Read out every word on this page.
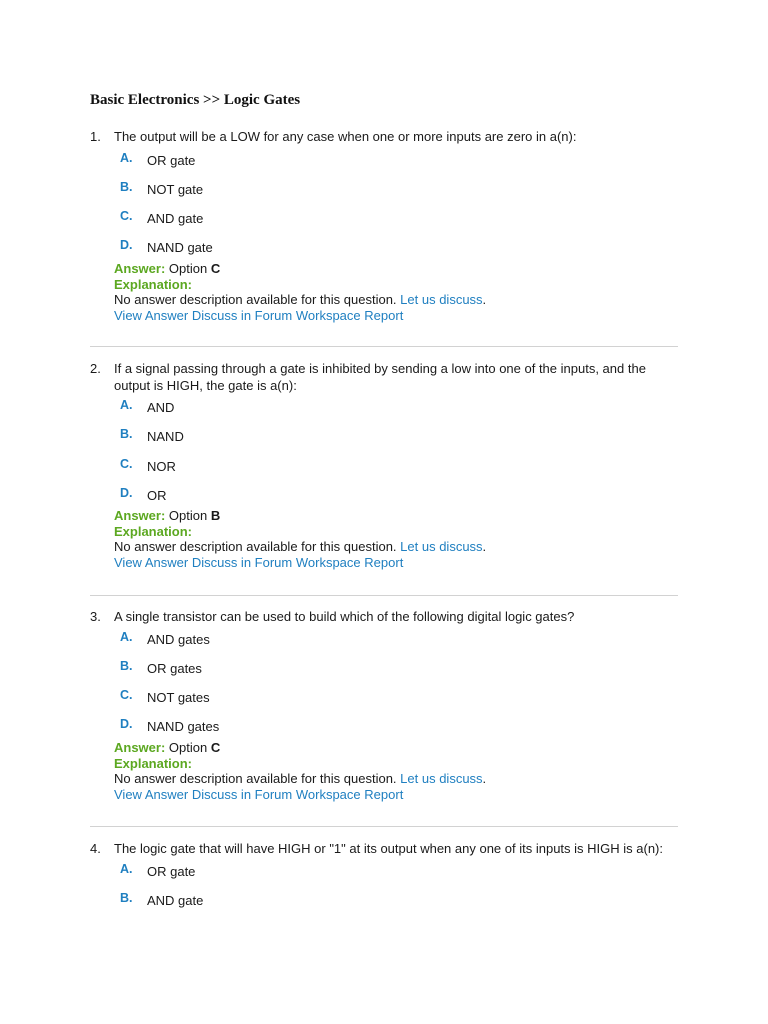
Basic Electronics >> Logic Gates
1. The output will be a LOW for any case when one or more inputs are zero in a(n):
A. OR gate
B. NOT gate
C. AND gate
D. NAND gate
Answer: Option C
Explanation:
No answer description available for this question. Let us discuss.
View Answer Discuss in Forum Workspace Report
2. If a signal passing through a gate is inhibited by sending a low into one of the inputs, and the
output is HIGH, the gate is a(n):
A. AND
B. NAND
C. NOR
D. OR
Answer: Option B
Explanation:
No answer description available for this question. Let us discuss.
View Answer Discuss in Forum Workspace Report
3. A single transistor can be used to build which of the following digital logic gates?
A. AND gates
B. OR gates
C. NOT gates
D. NAND gates
Answer: Option C
Explanation:
No answer description available for this question. Let us discuss.
View Answer Discuss in Forum Workspace Report
4. The logic gate that will have HIGH or "1" at its output when any one of its inputs is HIGH is a(n):
A. OR gate
B. AND gate
